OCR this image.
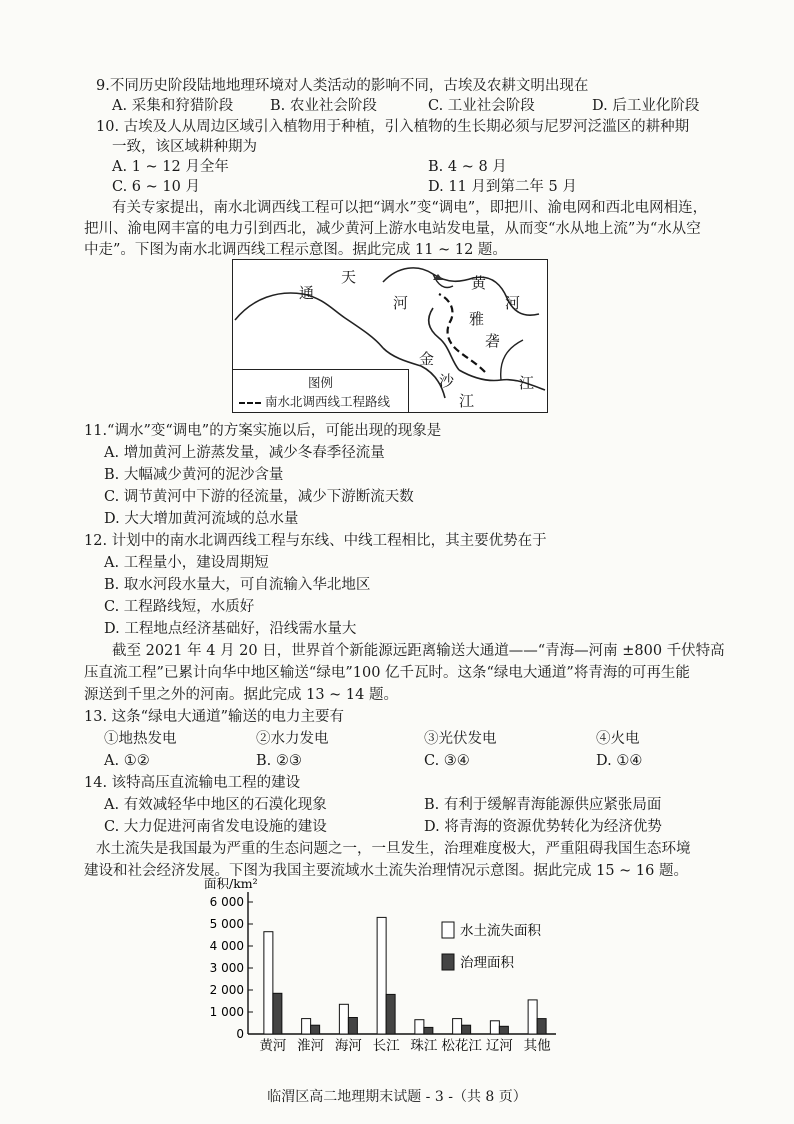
9.不同历史阶段陆地地理环境对人类活动的影响不同，古埃及农耕文明出现在
A. 采集和狩猎阶段	B. 农业社会阶段	C. 工业社会阶段	D. 后工业化阶段
10. 古埃及人从周边区域引入植物用于种植，引入植物的生长期必须与尼罗河泛滥区的耕种期
一致，该区域耕种期为
A. 1 ~ 12 月全年	B. 4 ~ 8 月
C. 6 ~ 10 月	D. 11 月到第二年 5 月
有关专家提出，南水北调西线工程可以把“调水”变“调电”，即把川、渝电网和西北电网相连，
把川、渝电网丰富的电力引到西北，减少黄河上游水电站发电量，从而变“水从地上流”为“水从空
中走”。下图为南水北调西线工程示意图。据此完成 11 ~ 12 题。
天
通
河
黄
河
雅
砻
金
沙
江
江
图例
南水北调西线工程路线
11.“调水”变“调电”的方案实施以后，可能出现的现象是
A. 增加黄河上游蒸发量，减少冬春季径流量
B. 大幅减少黄河的泥沙含量
C. 调节黄河中下游的径流量，减少下游断流天数
D. 大大增加黄河流域的总水量
12. 计划中的南水北调西线工程与东线、中线工程相比，其主要优势在于
A. 工程量小，建设周期短
B. 取水河段水量大，可自流输入华北地区
C. 工程路线短，水质好
D. 工程地点经济基础好，沿线需水量大
截至 2021 年 4 月 20 日，世界首个新能源远距离输送大通道——“青海—河南 ±800 千伏特高
压直流工程”已累计向华中地区输送“绿电”100 亿千瓦时。这条“绿电大通道”将青海的可再生能
源送到千里之外的河南。据此完成 13 ~ 14 题。
13. 这条“绿电大通道”输送的电力主要有
①地热发电	②水力发电	③光伏发电	④火电
A. ①②	B. ②③	C. ③④	D. ①④
14. 该特高压直流输电工程的建设
A. 有效减轻华中地区的石漠化现象	B. 有利于缓解青海能源供应紧张局面
C. 大力促进河南省发电设施的建设	D. 将青海的资源优势转化为经济优势
水土流失是我国最为严重的生态问题之一，一旦发生，治理难度极大，严重阻碍我国生态环境
建设和社会经济发展。下图为我国主要流域水土流失治理情况示意图。据此完成 15 ~ 16 题。
面积/km²
0
1 000
2 000
3 000
4 000
5 000
6 000
黄河 淮河 海河 长江 珠江 松花江 辽河 其他
水土流失面积
治理面积
临渭区高二地理期末试题 - 3 -（共 8 页）
